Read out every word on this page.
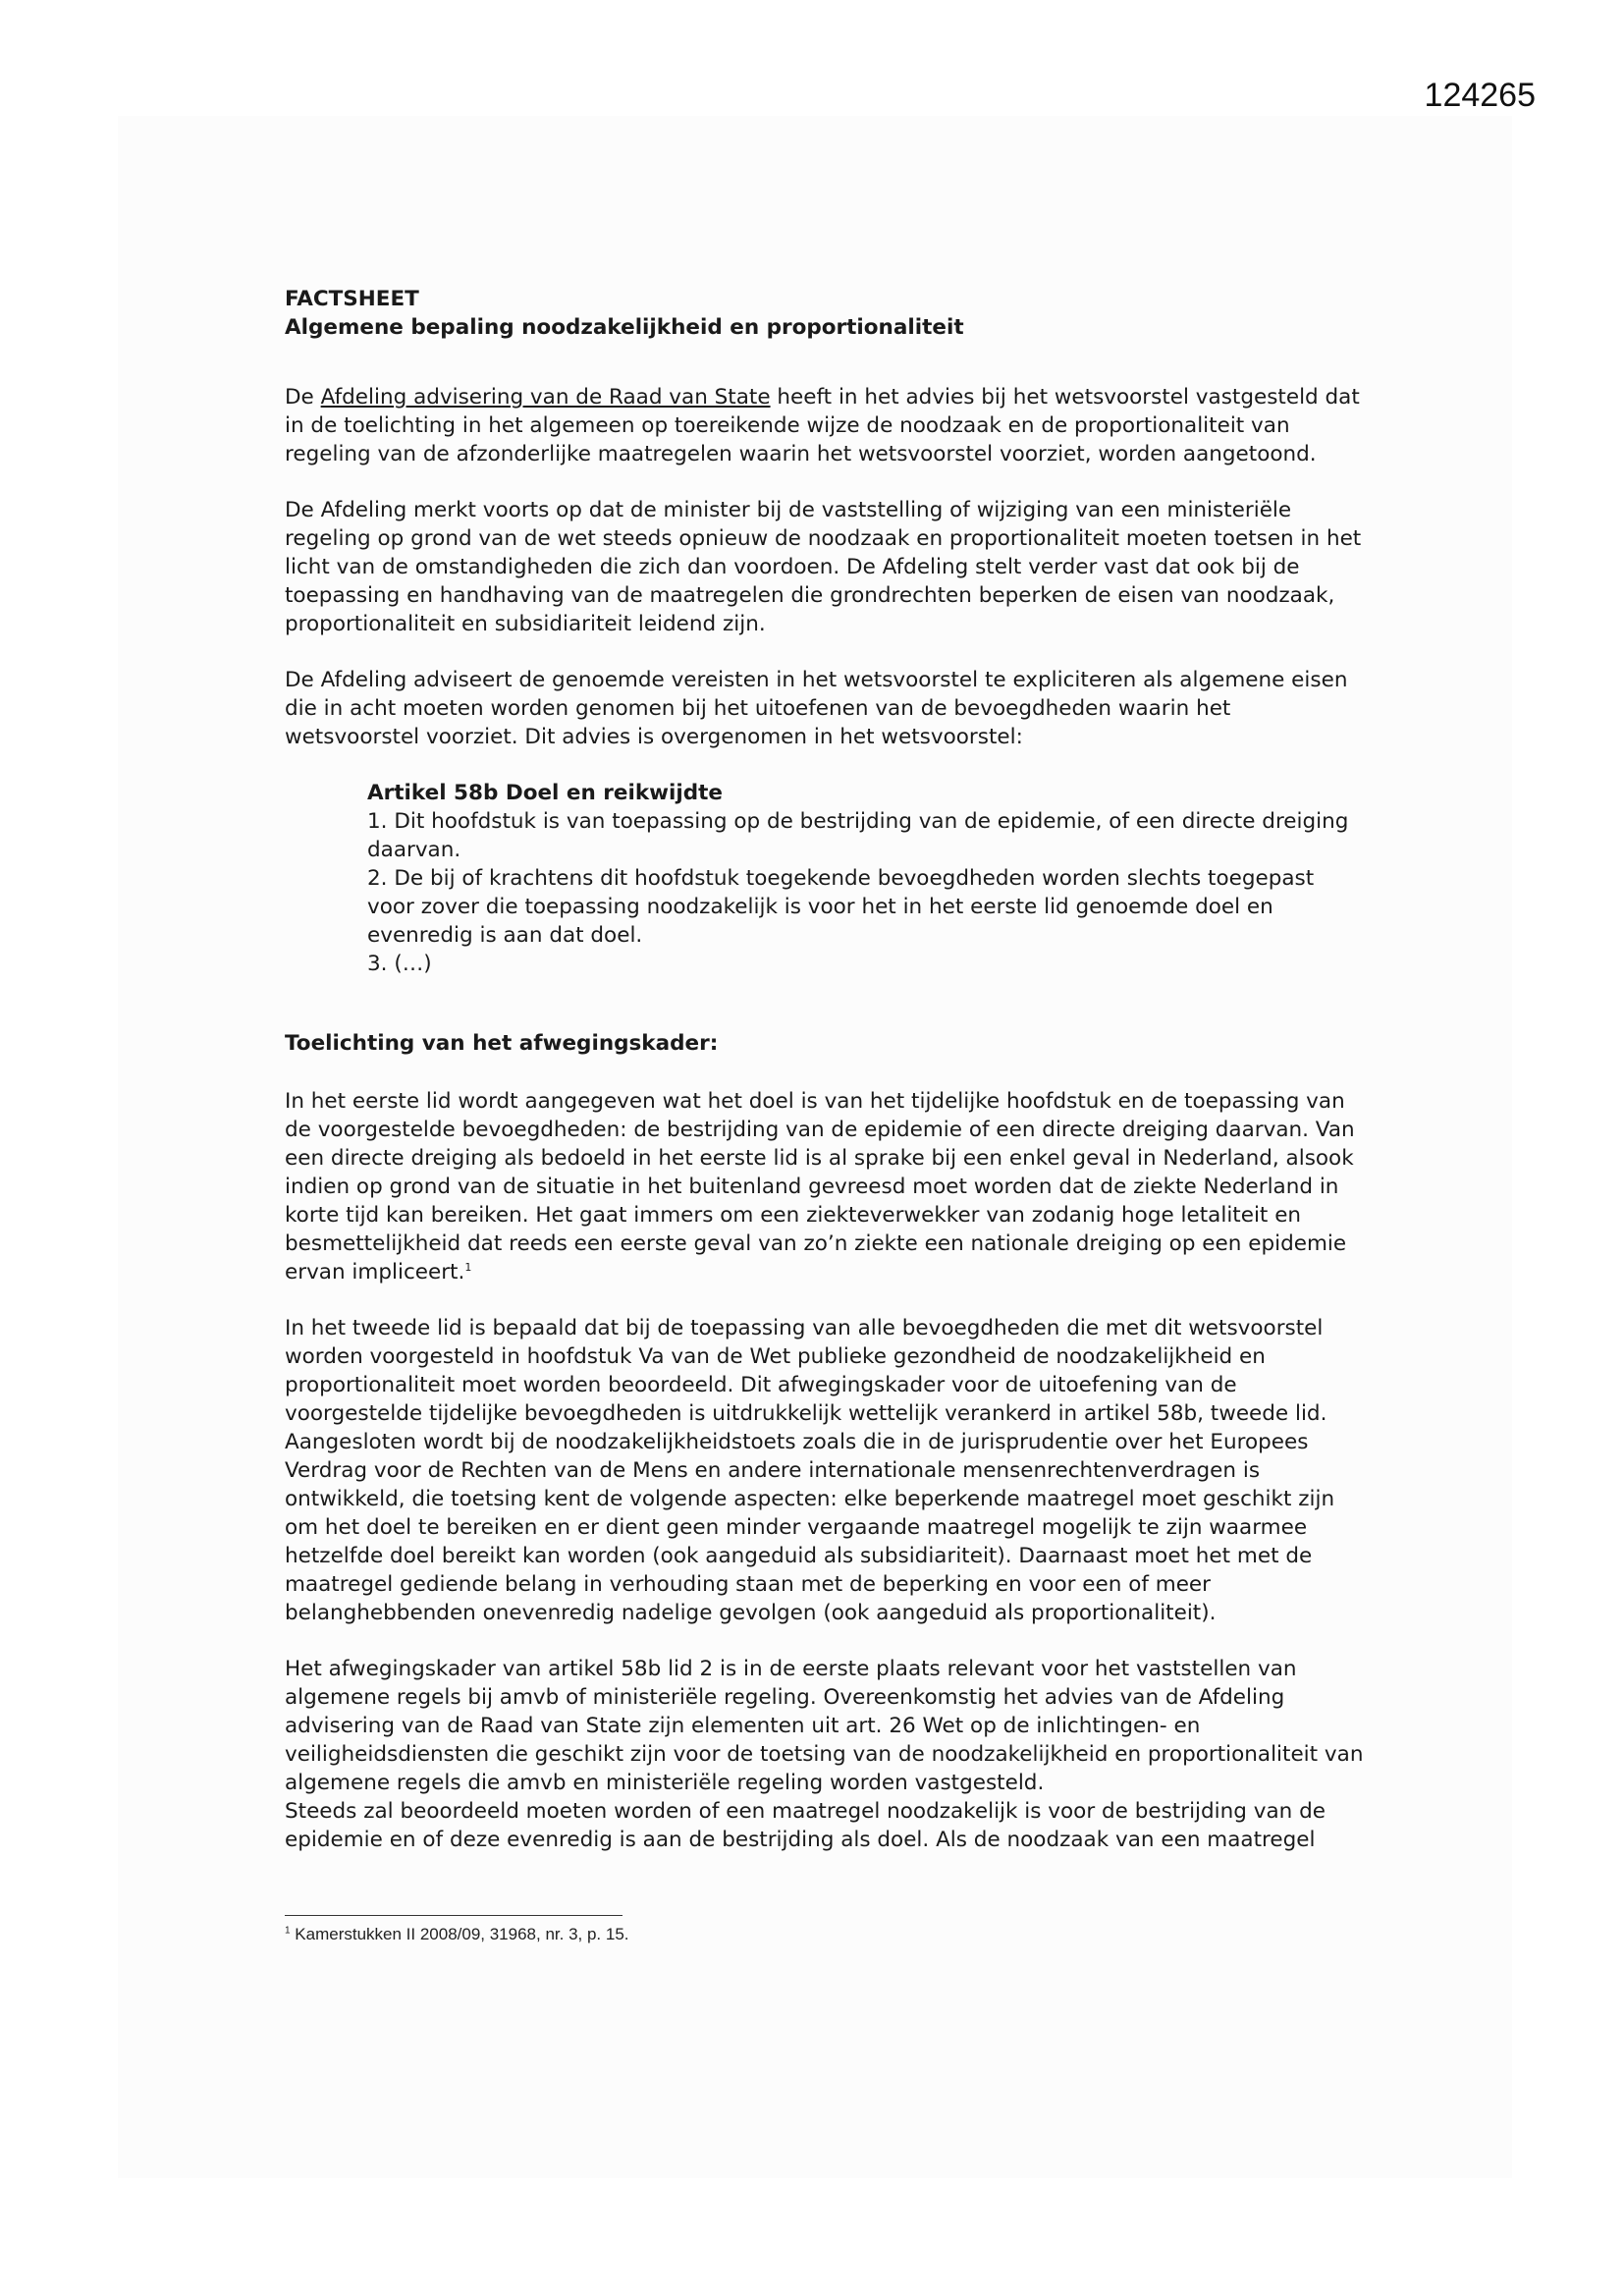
124265
FACTSHEET
Algemene bepaling noodzakelijkheid en proportionaliteit

De Afdeling advisering van de Raad van State heeft in het advies bij het wetsvoorstel vastgesteld dat in de toelichting in het algemeen op toereikende wijze de noodzaak en de proportionaliteit van regeling van de afzonderlijke maatregelen waarin het wetsvoorstel voorziet, worden aangetoond.

De Afdeling merkt voorts op dat de minister bij de vaststelling of wijziging van een ministeriële regeling op grond van de wet steeds opnieuw de noodzaak en proportionaliteit moeten toetsen in het licht van de omstandigheden die zich dan voordoen. De Afdeling stelt verder vast dat ook bij de toepassing en handhaving van de maatregelen die grondrechten beperken de eisen van noodzaak, proportionaliteit en subsidiariteit leidend zijn.

De Afdeling adviseert de genoemde vereisten in het wetsvoorstel te expliciteren als algemene eisen die in acht moeten worden genomen bij het uitoefenen van de bevoegdheden waarin het wetsvoorstel voorziet. Dit advies is overgenomen in het wetsvoorstel:

Artikel 58b Doel en reikwijdte
1. Dit hoofdstuk is van toepassing op de bestrijding van de epidemie, of een directe dreiging daarvan.
2. De bij of krachtens dit hoofdstuk toegekende bevoegdheden worden slechts toegepast voor zover die toepassing noodzakelijk is voor het in het eerste lid genoemde doel en evenredig is aan dat doel.
3. (…)
Toelichting van het afwegingskader:

In het eerste lid wordt aangegeven wat het doel is van het tijdelijke hoofdstuk en de toepassing van de voorgestelde bevoegdheden: de bestrijding van de epidemie of een directe dreiging daarvan. Van een directe dreiging als bedoeld in het eerste lid is al sprake bij een enkel geval in Nederland, alsook indien op grond van de situatie in het buitenland gevreesd moet worden dat de ziekte Nederland in korte tijd kan bereiken. Het gaat immers om een ziekteverwekker van zodanig hoge letaliteit en besmettelijkheid dat reeds een eerste geval van zo’n ziekte een nationale dreiging op een epidemie ervan impliceert.$^1$

In het tweede lid is bepaald dat bij de toepassing van alle bevoegdheden die met dit wetsvoorstel worden voorgesteld in hoofdstuk Va van de Wet publieke gezondheid de noodzakelijkheid en proportionaliteit moet worden beoordeeld. Dit afwegingskader voor de uitoefening van de voorgestelde tijdelijke bevoegdheden is uitdrukkelijk wettelijk verankerd in artikel 58b, tweede lid. Aangesloten wordt bij de noodzakelijkheidstoets zoals die in de jurisprudentie over het Europees Verdrag voor de Rechten van de Mens en andere internationale mensenrechtenverdragen is ontwikkeld, die toetsing kent de volgende aspecten: elke beperkende maatregel moet geschikt zijn om het doel te bereiken en er dient geen minder vergaande maatregel mogelijk te zijn waarmee hetzelfde doel bereikt kan worden (ook aangeduid als subsidiariteit). Daarnaast moet het met de maatregel gediende belang in verhouding staan met de beperking en voor een of meer belanghebbenden onevenredig nadelige gevolgen (ook aangeduid als proportionaliteit).

Het afwegingskader van artikel 58b lid 2 is in de eerste plaats relevant voor het vaststellen van algemene regels bij amvb of ministeriële regeling. Overeenkomstig het advies van de Afdeling advisering van de Raad van State zijn elementen uit art. 26 Wet op de inlichtingen- en veiligheidsdiensten die geschikt zijn voor de toetsing van de noodzakelijkheid en proportionaliteit van algemene regels die amvb en ministeriële regeling worden vastgesteld.

Steeds zal beoordeeld moeten worden of een maatregel noodzakelijk is voor de bestrijding van de epidemie en of deze evenredig is aan de bestrijding als doel. Als de noodzaak van een maatregel

$^1$ Kamerstukken II 2008/09, 31968, nr. 3, p. 15.
